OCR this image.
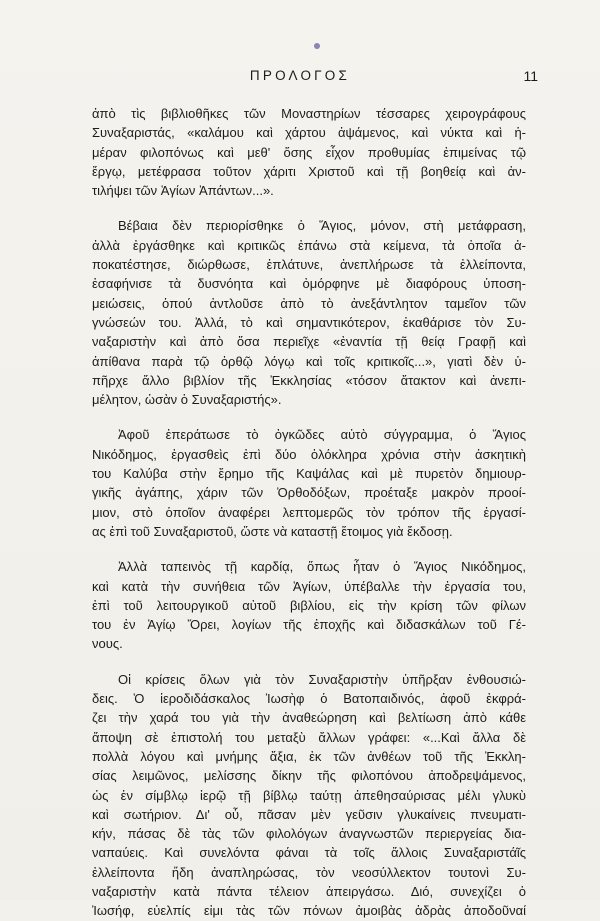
ΠΡΟΛΟΓΟΣ	11

ἀπὸ τὶς βιβλιοθῆκες τῶν Μοναστηρίων τέσσαρες χειρογράφους
Συναξαριστάς, «καλάμου καὶ χάρτου ἀψάμενος, καὶ νύκτα καὶ ἡ-
μέραν φιλοπόνως καὶ μεθ' ὅσης εἶχον προθυμίας ἐπιμείνας τῷ
ἔργῳ, μετέφρασα τοῦτον χάριτι Χριστοῦ καὶ τῇ βοηθείᾳ καὶ ἀν-
τιλήψει τῶν Ἁγίων Ἀπάντων...».

Βέβαια δὲν περιορίσθηκε ὁ Ἅγιος, μόνον, στὴ μετάφραση,
ἀλλὰ ἐργάσθηκε καὶ κριτικῶς ἐπάνω στὰ κείμενα, τὰ ὁποῖα ἀ-
ποκατέστησε, διώρθωσε, ἐπλάτυνε, ἀνεπλήρωσε τὰ ἐλλείποντα,
ἐσαφήνισε τὰ δυσνόητα καὶ ὀμόρφηνε μὲ διαφόρους ὑποση-
μειώσεις, ὁπού ἀντλοῦσε ἀπὸ τὸ ἀνεξάντλητον ταμεῖον τῶν
γνώσεών του. Ἀλλά, τὸ καὶ σημαντικότερον, ἐκαθάρισε τὸν Συ-
ναξαριστὴν καὶ ἀπὸ ὅσα περιεῖχε «ἐναντία τῇ θείᾳ Γραφῇ καὶ
ἀπίθανα παρὰ τῷ ὀρθῷ λόγῳ καὶ τοῖς κριτικοῖς...», γιατὶ δὲν ὑ-
πῆρχε ἄλλο βιβλίον τῆς Ἐκκλησίας «τόσον ἄτακτον καὶ ἀνεπι-
μέλητον, ὡσὰν ὁ Συναξαριστής».

Ἀφοῦ ἐπεράτωσε τὸ ὀγκῶδες αὐτὸ σύγγραμμα, ὁ Ἅγιος
Νικόδημος, ἐργασθεὶς ἐπὶ δύο ὁλόκληρα χρόνια στὴν ἀσκητικὴ
του Καλύβα στὴν ἔρημο τῆς Καψάλας καὶ μὲ πυρετὸν δημιουρ-
γικῆς ἀγάπης, χάριν τῶν Ὀρθοδόξων, προέταξε μακρὸν προοί-
μιον, στὸ ὁποῖον ἀναφέρει λεπτομερῶς τὸν τρόπον τῆς ἐργασί-
ας ἐπὶ τοῦ Συναξαριστοῦ, ὥστε νὰ καταστῇ ἕτοιμος γιὰ ἔκδοσῃ.

Ἀλλὰ ταπεινὸς τῇ καρδίᾳ, ὅπως ἦταν ὁ Ἅγιος Νικόδημος,
καὶ κατὰ τὴν συνήθεια τῶν Ἁγίων, ὑπέβαλλε τὴν ἐργασία του,
ἐπὶ τοῦ λειτουργικοῦ αὐτοῦ βιβλίου, εἰς τὴν κρίση τῶν φίλων
του ἐν Ἁγίῳ Ὄρει, λογίων τῆς ἐποχῆς καὶ διδασκάλων τοῦ Γέ-
νους.

Οἱ κρίσεις ὅλων γιὰ τὸν Συναξαριστὴν ὑπῆρξαν ἐνθουσιώ-
δεις. Ὁ ἱεροδιδάσκαλος Ἰωσὴφ ὁ Βατοπαιδινός, ἀφοῦ ἐκφρά-
ζει τὴν χαρά του γιὰ τὴν ἀναθεώρηση καὶ βελτίωση ἀπὸ κάθε
ἄποψη σὲ ἐπιστολή του μεταξὺ ἄλλων γράφει: «...Καὶ ἄλλα δὲ
πολλὰ λόγου καὶ μνήμης ἄξια, ἐκ τῶν ἀνθέων τοῦ τῆς Ἐκκλη-
σίας λειμῶνος, μελίσσης δίκην τῆς φιλοπόνου ἀποδρεψάμενος,
ὡς ἐν σίμβλῳ ἱερῷ τῇ βίβλῳ ταύτῃ ἀπεθησαύρισας μέλι γλυκὺ
καὶ σωτήριον. Δι' οὗ, πᾶσαν μὲν γεῦσιν γλυκαίνεις πνευματι-
κήν, πάσας δὲ τὰς τῶν φιλολόγων ἀναγνωστῶν περιεργείας δια-
ναπαύεις. Καὶ συνελόντα φάναι τὰ τοῖς ἄλλοις Συναξαριστάῖς
ἐλλείποντα ἤδη ἀναπληρώσας, τὸν νεοσύλλεκτον τουτονὶ Συ-
ναξαριστὴν κατὰ πάντα τέλειον ἀπειργάσω. Διό, συνεχίζει ὁ
Ἰωσήφ, εὐελπίς εἰμι τὰς τῶν πόνων ἀμοιβὰς ἁδρὰς ἀποδοῦναί
